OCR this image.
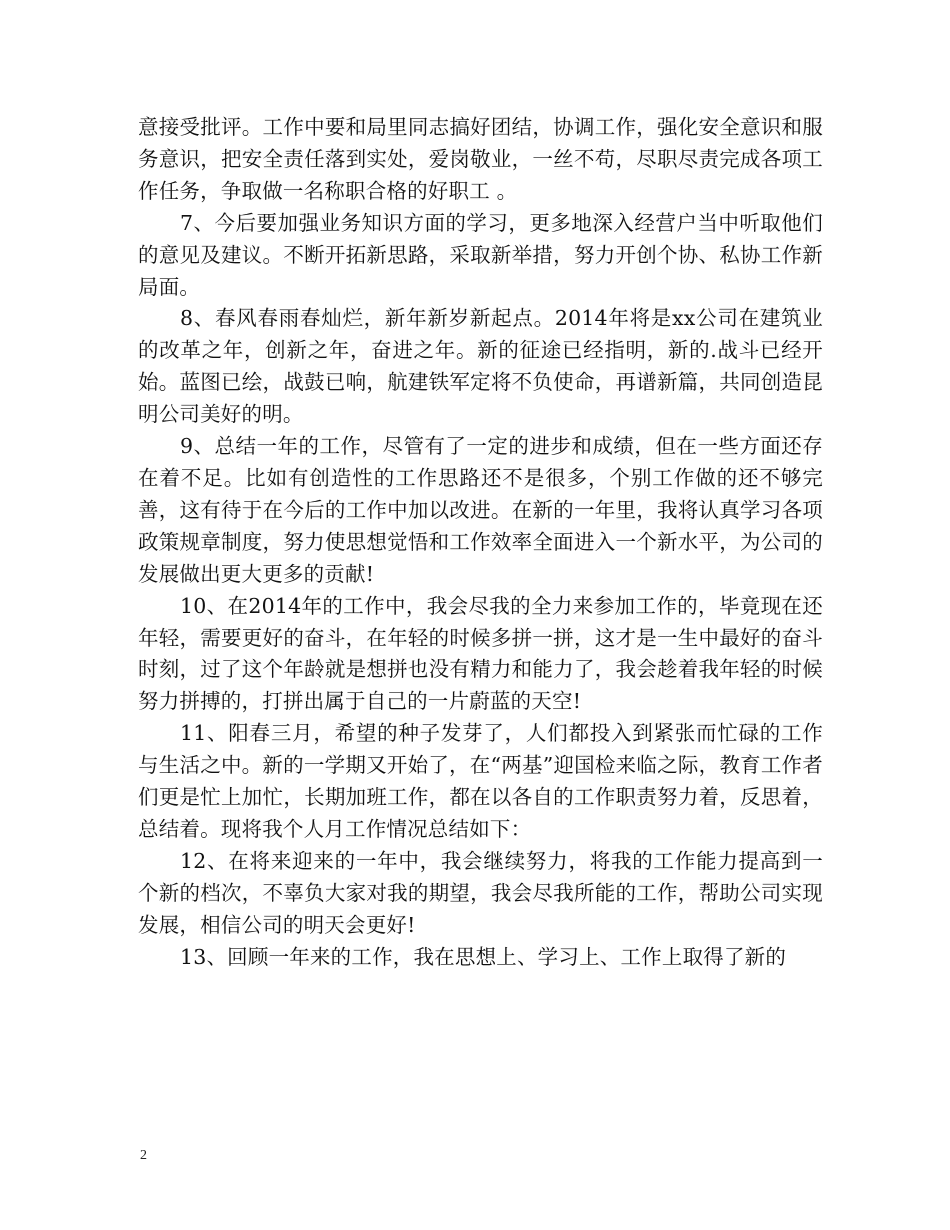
意接受批评。工作中要和局里同志搞好团结，协调工作，强化安全意识和服务意识，把安全责任落到实处，爱岗敬业，一丝不苟，尽职尽责完成各项工作任务，争取做一名称职合格的好职工 。

7、今后要加强业务知识方面的学习，更多地深入经营户当中听取他们的意见及建议。不断开拓新思路，采取新举措，努力开创个协、私协工作新局面。

8、春风春雨春灿烂，新年新岁新起点。2014年将是xx公司在建筑业的改革之年，创新之年，奋进之年。新的征途已经指明，新的.战斗已经开始。蓝图已绘，战鼓已响，航建铁军定将不负使命，再谱新篇，共同创造昆明公司美好的明。

9、总结一年的工作，尽管有了一定的进步和成绩，但在一些方面还存在着不足。比如有创造性的工作思路还不是很多，个别工作做的还不够完善，这有待于在今后的工作中加以改进。在新的一年里，我将认真学习各项政策规章制度，努力使思想觉悟和工作效率全面进入一个新水平，为公司的发展做出更大更多的贡献!

10、在2014年的工作中，我会尽我的全力来参加工作的，毕竟现在还年轻，需要更好的奋斗，在年轻的时候多拼一拼，这才是一生中最好的奋斗时刻，过了这个年龄就是想拼也没有精力和能力了，我会趁着我年轻的时候努力拼搏的，打拼出属于自己的一片蔚蓝的天空!

11、阳春三月，希望的种子发芽了，人们都投入到紧张而忙碌的工作与生活之中。新的一学期又开始了，在“两基”迎国检来临之际，教育工作者们更是忙上加忙，长期加班工作，都在以各自的工作职责努力着，反思着，总结着。现将我个人月工作情况总结如下：

12、在将来迎来的一年中，我会继续努力，将我的工作能力提高到一个新的档次，不辜负大家对我的期望，我会尽我所能的工作，帮助公司实现发展，相信公司的明天会更好!

13、回顾一年来的工作，我在思想上、学习上、工作上取得了新的

2
